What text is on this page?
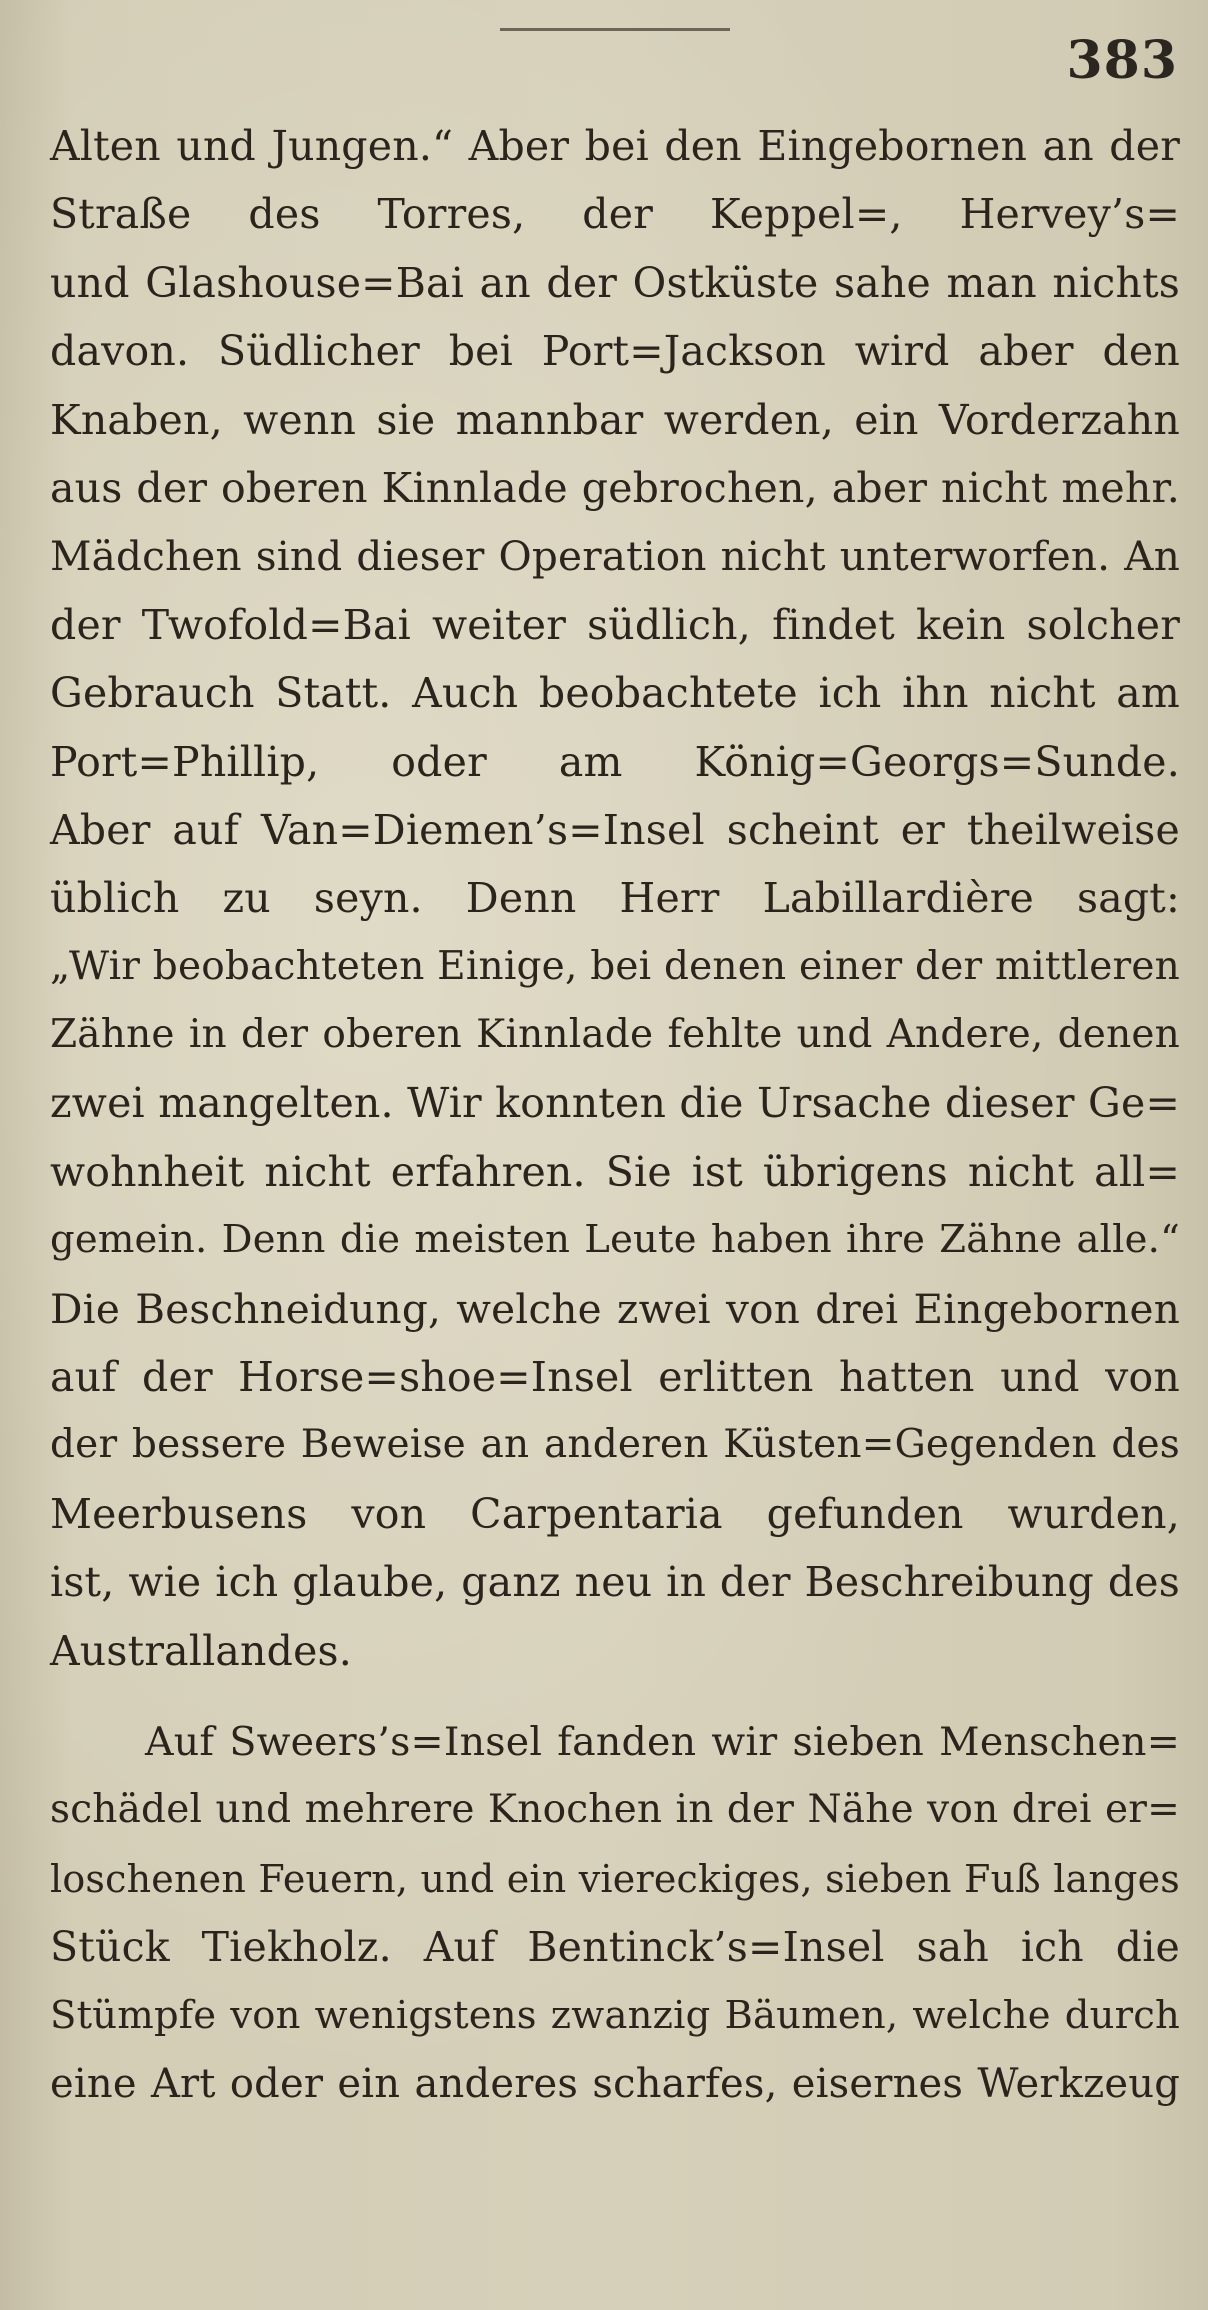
383
Alten und Jungen.“ Aber bei den Eingebornen an der
Straße des Torres, der Keppel=, Hervey’s=
und Glashouse=Bai an der Ostküste sahe man nichts
davon. Südlicher bei Port=Jackson wird aber den
Knaben, wenn sie mannbar werden, ein Vorderzahn
aus der oberen Kinnlade gebrochen, aber nicht mehr.
Mädchen sind dieser Operation nicht unterworfen. An
der Twofold=Bai weiter südlich, findet kein solcher
Gebrauch Statt. Auch beobachtete ich ihn nicht am
Port=Phillip, oder am König=Georgs=Sunde.
Aber auf Van=Diemen’s=Insel scheint er theilweise
üblich zu seyn. Denn Herr Labillardière sagt:
„Wir beobachteten Einige, bei denen einer der mittleren
Zähne in der oberen Kinnlade fehlte und Andere, denen
zwei mangelten. Wir konnten die Ursache dieser Ge=
wohnheit nicht erfahren. Sie ist übrigens nicht all=
gemein. Denn die meisten Leute haben ihre Zähne alle.“
Die Beschneidung, welche zwei von drei Eingebornen
auf der Horse=shoe=Insel erlitten hatten und von
der bessere Beweise an anderen Küsten=Gegenden des
Meerbusens von Carpentaria gefunden wurden,
ist, wie ich glaube, ganz neu in der Beschreibung des
Australlandes.
Auf Sweers’s=Insel fanden wir sieben Menschen=
schädel und mehrere Knochen in der Nähe von drei er=
loschenen Feuern, und ein viereckiges, sieben Fuß langes
Stück Tiekholz. Auf Bentinck’s=Insel sah ich die
Stümpfe von wenigstens zwanzig Bäumen, welche durch
eine Art oder ein anderes scharfes, eisernes Werkzeug
